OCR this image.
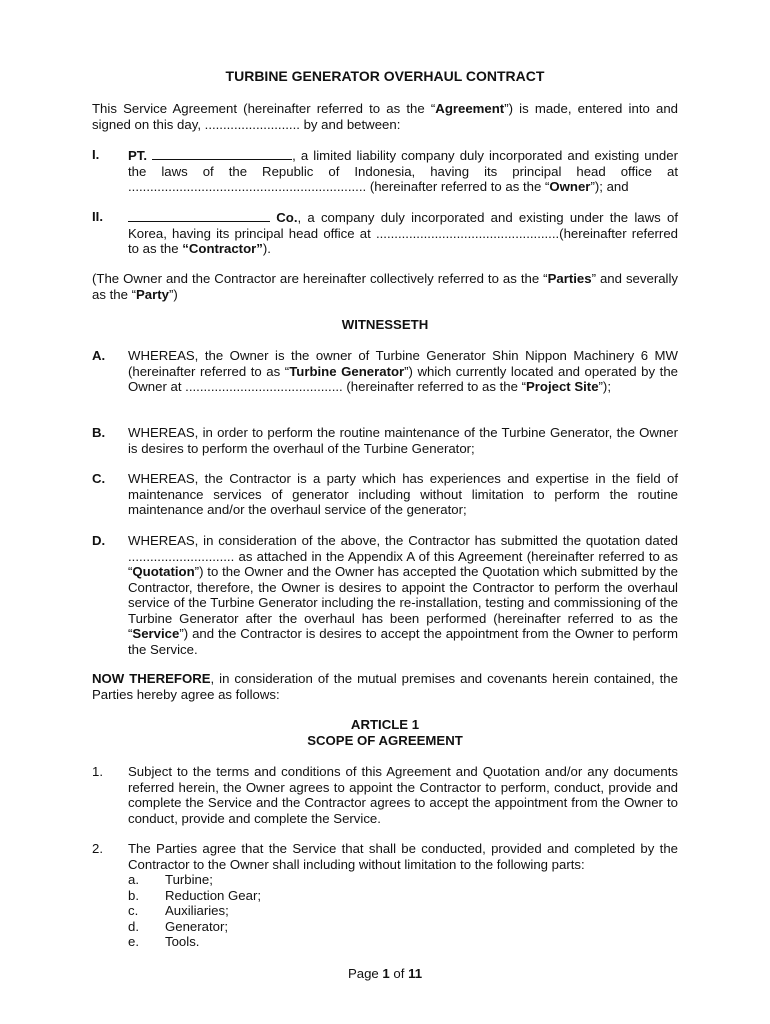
TURBINE GENERATOR OVERHAUL CONTRACT

This Service Agreement (hereinafter referred to as the “Agreement”) is made, entered into and signed on this day, .......................... by and between:

I. PT.	, a limited liability company duly incorporated and existing under the laws of the Republic of Indonesia, having its principal head office at ................................................................. (hereinafter referred to as the “Owner”); and

II.	Co., a company duly incorporated and existing under the laws of Korea, having its principal head office at ..................................................(hereinafter referred to as the “Contractor”).

(The Owner and the Contractor are hereinafter collectively referred to as the “Parties” and severally as the “Party”)

WITNESSETH
A. WHEREAS, the Owner is the owner of Turbine Generator Shin Nippon Machinery 6 MW (hereinafter referred to as “Turbine Generator”) which currently located and operated by the Owner at ........................................... (hereinafter referred to as the “Project Site”);

B. WHEREAS, in order to perform the routine maintenance of the Turbine Generator, the Owner is desires to perform the overhaul of the Turbine Generator;

C. WHEREAS, the Contractor is a party which has experiences and expertise in the field of maintenance services of generator including without limitation to perform the routine maintenance and/or the overhaul service of the generator;

D. WHEREAS, in consideration of the above, the Contractor has submitted the quotation dated ............................. as attached in the Appendix A of this Agreement (hereinafter referred to as “Quotation”) to the Owner and the Owner has accepted the Quotation which submitted by the Contractor, therefore, the Owner is desires to appoint the Contractor to perform the overhaul service of the Turbine Generator including the re-installation, testing and commissioning of the Turbine Generator after the overhaul has been performed (hereinafter referred to as the “Service”) and the Contractor is desires to accept the appointment from the Owner to perform the Service.

NOW THEREFORE, in consideration of the mutual premises and covenants herein contained, the Parties hereby agree as follows:

ARTICLE 1
SCOPE OF AGREEMENT
1. Subject to the terms and conditions of this Agreement and Quotation and/or any documents referred herein, the Owner agrees to appoint the Contractor to perform, conduct, provide and complete the Service and the Contractor agrees to accept the appointment from the Owner to conduct, provide and complete the Service.

2. The Parties agree that the Service that shall be conducted, provided and completed by the Contractor to the Owner shall including without limitation to the following parts:

a. Turbine;
b. Reduction Gear;
c. Auxiliaries;
d. Generator;
e. Tools.
Page 1 of 11
